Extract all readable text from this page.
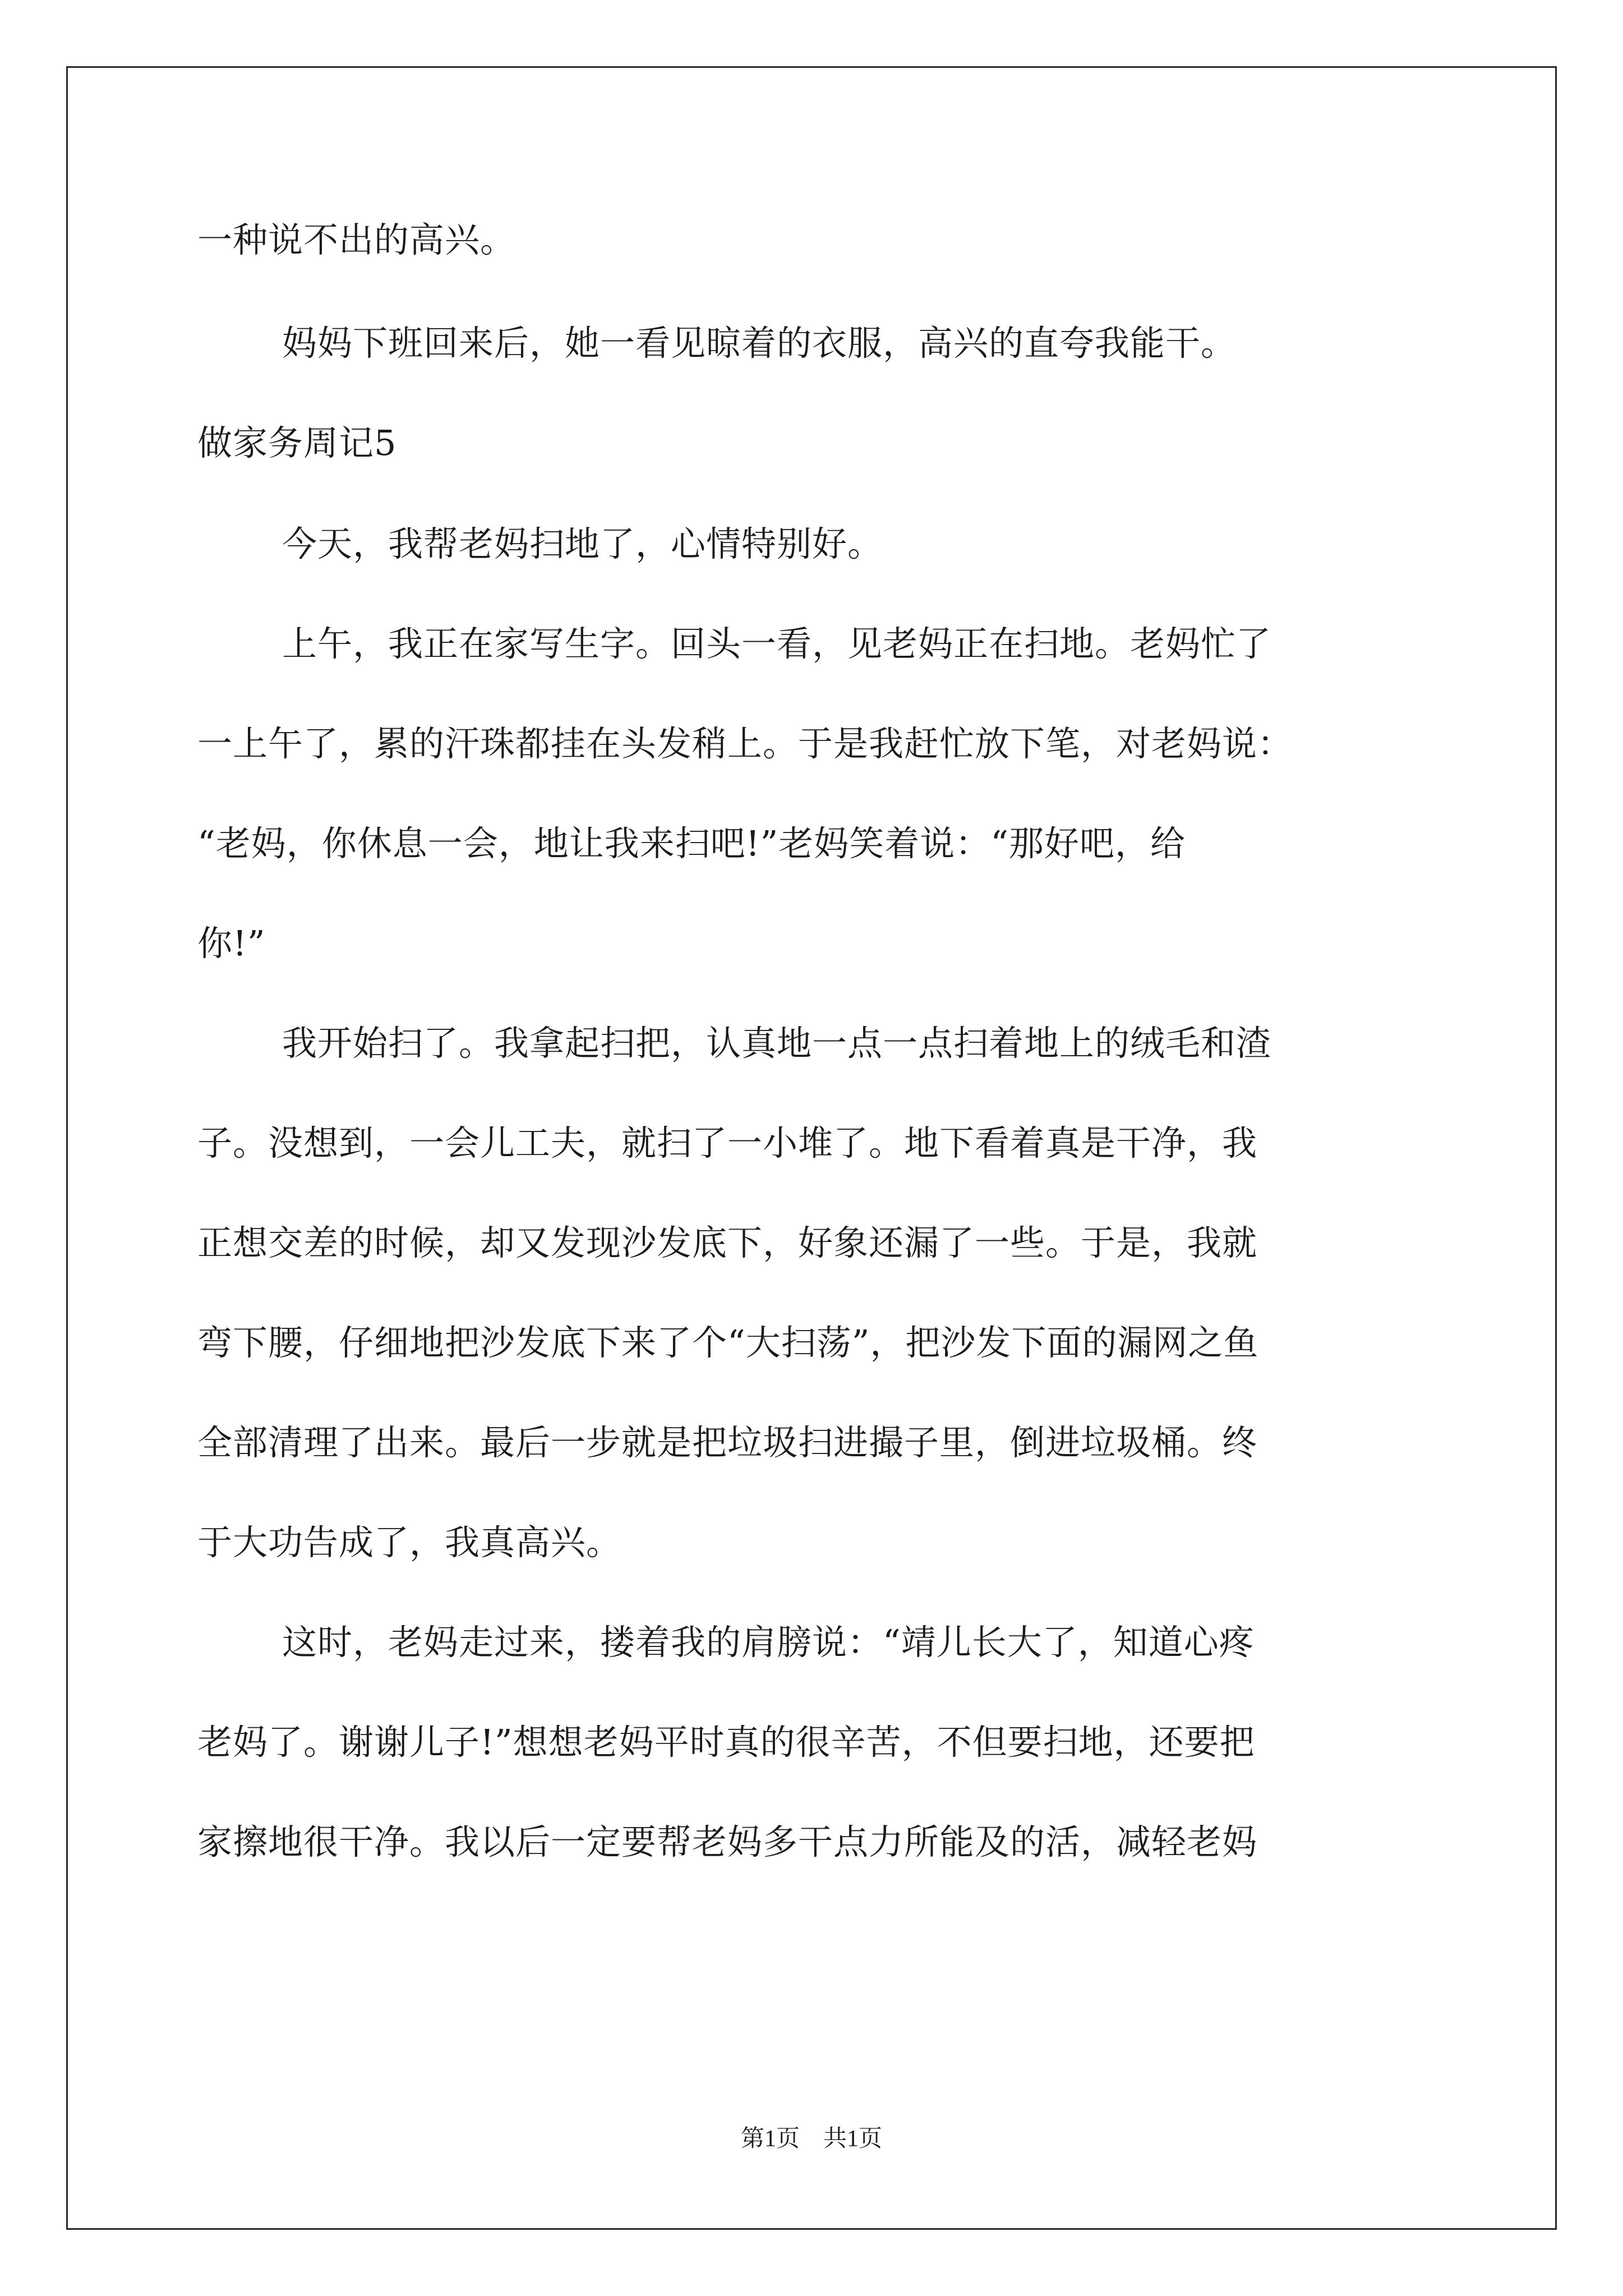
一种说不出的高兴。
妈妈下班回来后，她一看见晾着的衣服，高兴的直夸我能干。
做家务周记5
今天，我帮老妈扫地了，心情特别好。
上午，我正在家写生字。回头一看，见老妈正在扫地。老妈忙了
一上午了，累的汗珠都挂在头发稍上。于是我赶忙放下笔，对老妈说：
“老妈，你休息一会，地让我来扫吧!”老妈笑着说：“那好吧，给
你!”
我开始扫了。我拿起扫把，认真地一点一点扫着地上的绒毛和渣
子。没想到，一会儿工夫，就扫了一小堆了。地下看着真是干净，我
正想交差的时候，却又发现沙发底下，好象还漏了一些。于是，我就
弯下腰，仔细地把沙发底下来了个“大扫荡”，把沙发下面的漏网之鱼
全部清理了出来。最后一步就是把垃圾扫进撮子里，倒进垃圾桶。终
于大功告成了，我真高兴。
这时，老妈走过来，搂着我的肩膀说：“靖儿长大了，知道心疼
老妈了。谢谢儿子!”想想老妈平时真的很辛苦，不但要扫地，还要把
家擦地很干净。我以后一定要帮老妈多干点力所能及的活，减轻老妈
第1页　共1页
